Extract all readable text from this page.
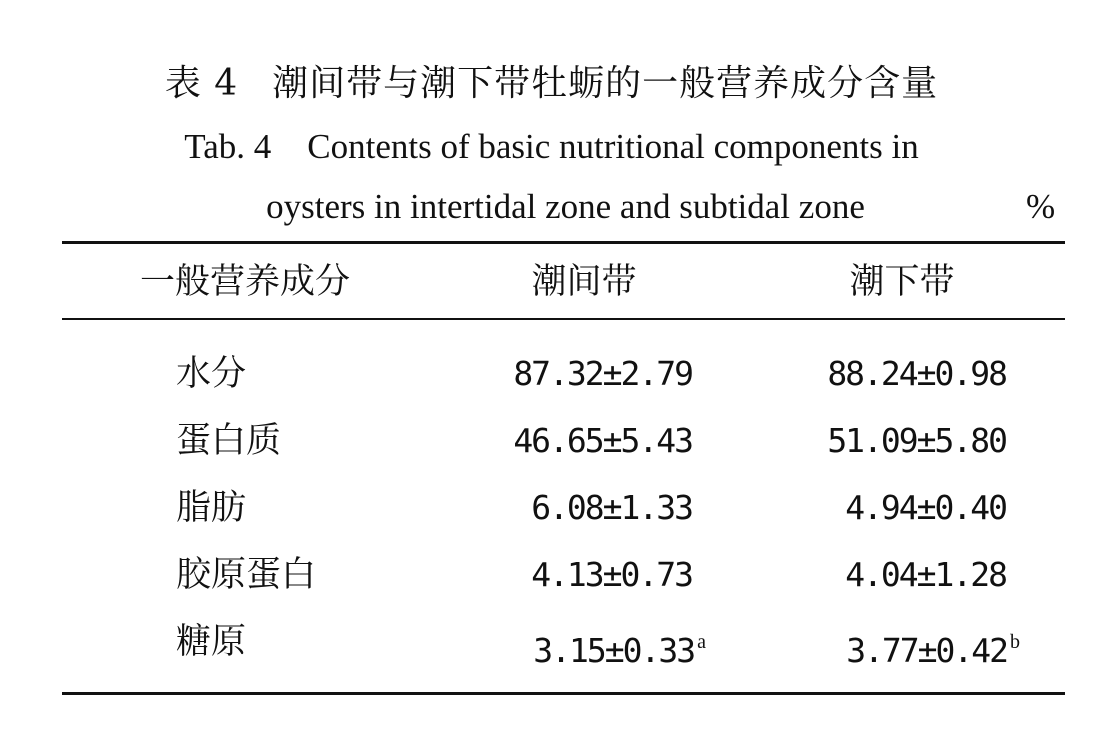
表 4 潮间带与潮下带牡蛎的一般营养成分含量
Tab. 4 Contents of basic nutritional components in
oysters in intertidal zone and subtidal zone	%
一般营养成分	潮间带	潮下带
水分	87.32±2.79	88.24±0.98
蛋白质	46.65±5.43	51.09±5.80
脂肪	6.08±1.33	4.94±0.40
胶原蛋白	4.13±0.73	4.04±1.28
糖原	3.15±0.33 $^a$	3.77±0.42 $^b$
